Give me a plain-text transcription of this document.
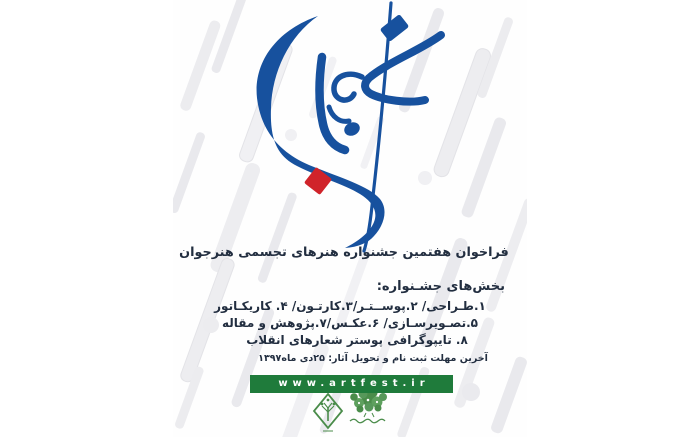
فراخوان هفتمین جشنواره هنرهای تجسمی هنرجوان
بخش‌های جشـنواره:
۱.طـراحی/ ۲.پوســتـر/۳.کارتـون/ ۴. کاریکـاتور
۵.تصـویرسـازی/ ۶.عکـس/۷.پژوهش و مقاله
۸. تایپوگرافی پوستر شعارهای انقلاب
آخرین مهلت ثبت نام و تحویل آثار: ۲۵دی ماه۱۳۹۷
www.artfest.ir
